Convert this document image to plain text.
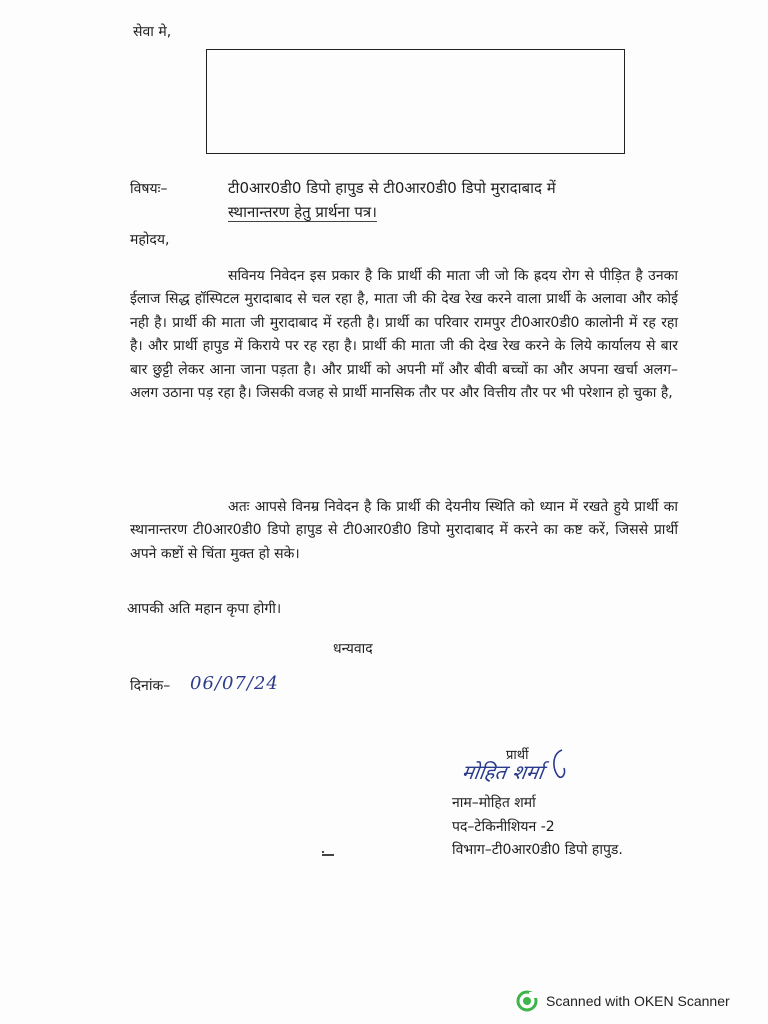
सेवा मे,
विषयः–	टी0आर0डी0 डिपो हापुड से टी0आर0डी0 डिपो मुरादाबाद में
स्थानान्तरण हेतु प्रार्थना पत्र।
महोदय,
सविनय निवेदन इस प्रकार है कि प्रार्थी की माता जी जो कि ह्रदय रोग से पीड़ित है उनका ईलाज सिद्ध हॉस्पिटल मुरादाबाद से चल रहा है, माता जी की देख रेख करने वाला प्रार्थी के अलावा और कोई नही है। प्रार्थी की माता जी मुरादाबाद में रहती है। प्रार्थी का परिवार रामपुर टी0आर0डी0 कालोनी में रह रहा है। और प्रार्थी हापुड में किराये पर रह रहा है। प्रार्थी की माता जी की देख रेख करने के लिये कार्यालय से बार बार छुट्टी लेकर आना जाना पड़ता है। और प्रार्थी को अपनी माँ और बीवी बच्चों का और अपना खर्चा अलग– अलग उठाना पड़ रहा है। जिसकी वजह से प्रार्थी मानसिक तौर पर और वित्तीय तौर पर भी परेशान हो चुका है,
अतः आपसे विनम्र निवेदन है कि प्रार्थी की देयनीय स्थिति को ध्यान में रखते हुये प्रार्थी का स्थानान्तरण टी0आर0डी0 डिपो हापुड से टी0आर0डी0 डिपो मुरादाबाद में करने का कष्ट करें, जिससे प्रार्थी अपने कष्टों से चिंता मुक्त हो सके।
आपकी अति महान कृपा होगी।
धन्यवाद
दिनांक– 06/07/24
प्रार्थी
मोहित शर्मा
नाम–मोहित शर्मा
पद–टेकिनीशियन -2
विभाग–टी0आर0डी0 डिपो हापुड.
Scanned with OKEN Scanner
